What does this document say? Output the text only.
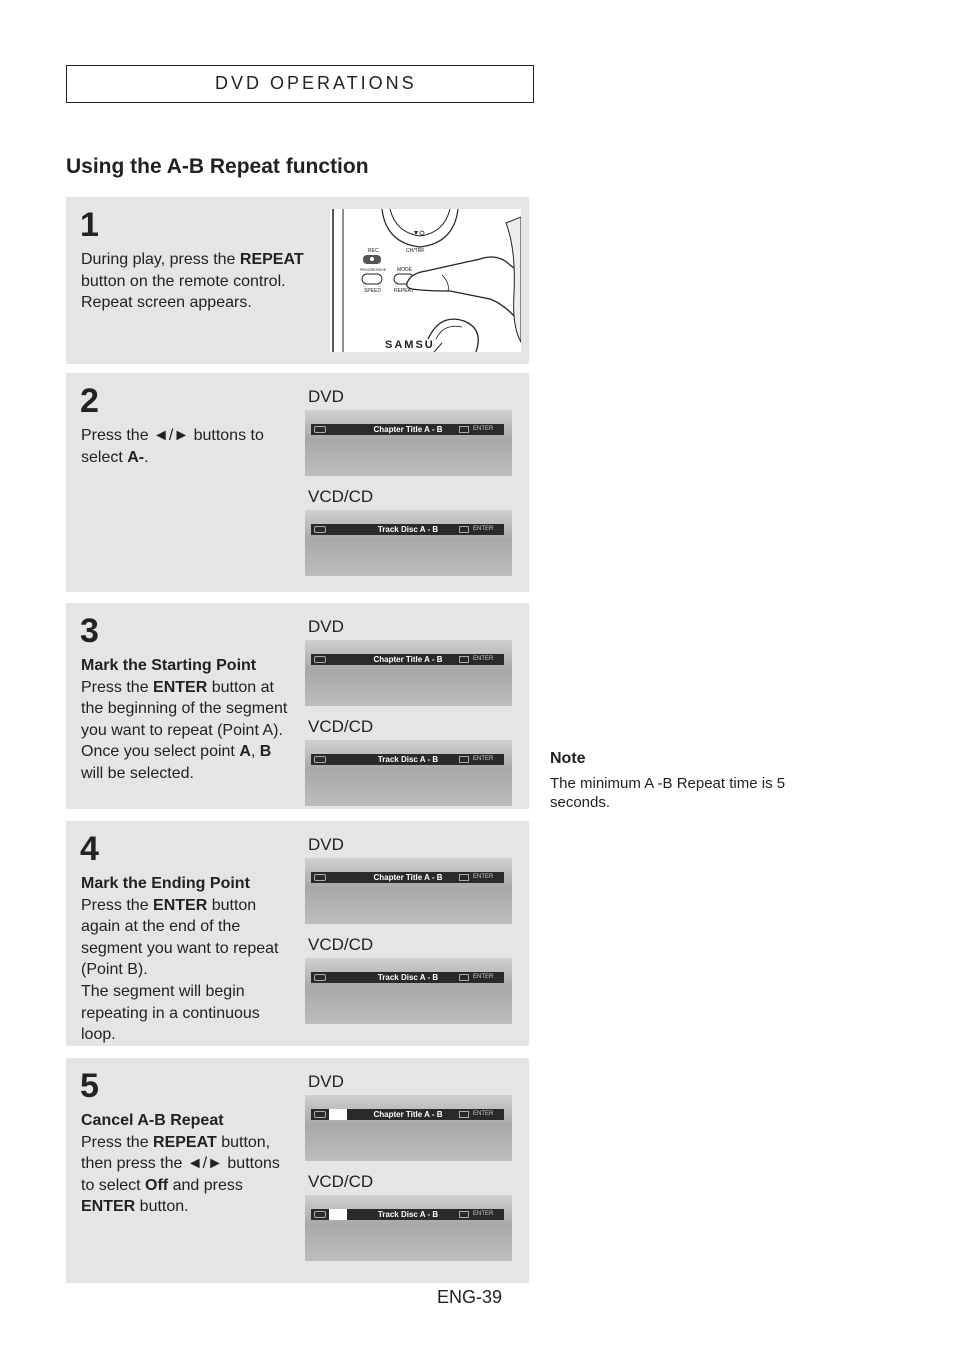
DVD OPERATIONS
Using the A-B Repeat function
1
During play, press the REPEAT button on the remote control. Repeat screen appears.
REC	CH/TRK
PROGRESSIVE MODE
SPEED	REPEAT
SAMSU
2
Press the ◄/► buttons to select A-.
DVD
Chapter Title A - B	ENTER
VCD/CD
Track Disc A - B	ENTER
3
Mark the Starting Point
Press the ENTER button at the beginning of the segment you want to repeat (Point A). Once you select point A, B will be selected.
DVD
Chapter Title A - B	ENTER
VCD/CD
Track Disc A - B	ENTER
4
Mark the Ending Point
Press the ENTER button again at the end of the segment you want to repeat (Point B).
The segment will begin repeating in a continuous loop.
DVD
Chapter Title A - B	ENTER
VCD/CD
Track Disc A - B	ENTER
5
Cancel A-B Repeat
Press the REPEAT button, then press the ◄/► buttons to select Off and press ENTER button.
DVD
Chapter Title A - B	ENTER
VCD/CD
Track Disc A - B	ENTER
Note
The minimum A -B Repeat time is 5 seconds.
ENG-39
